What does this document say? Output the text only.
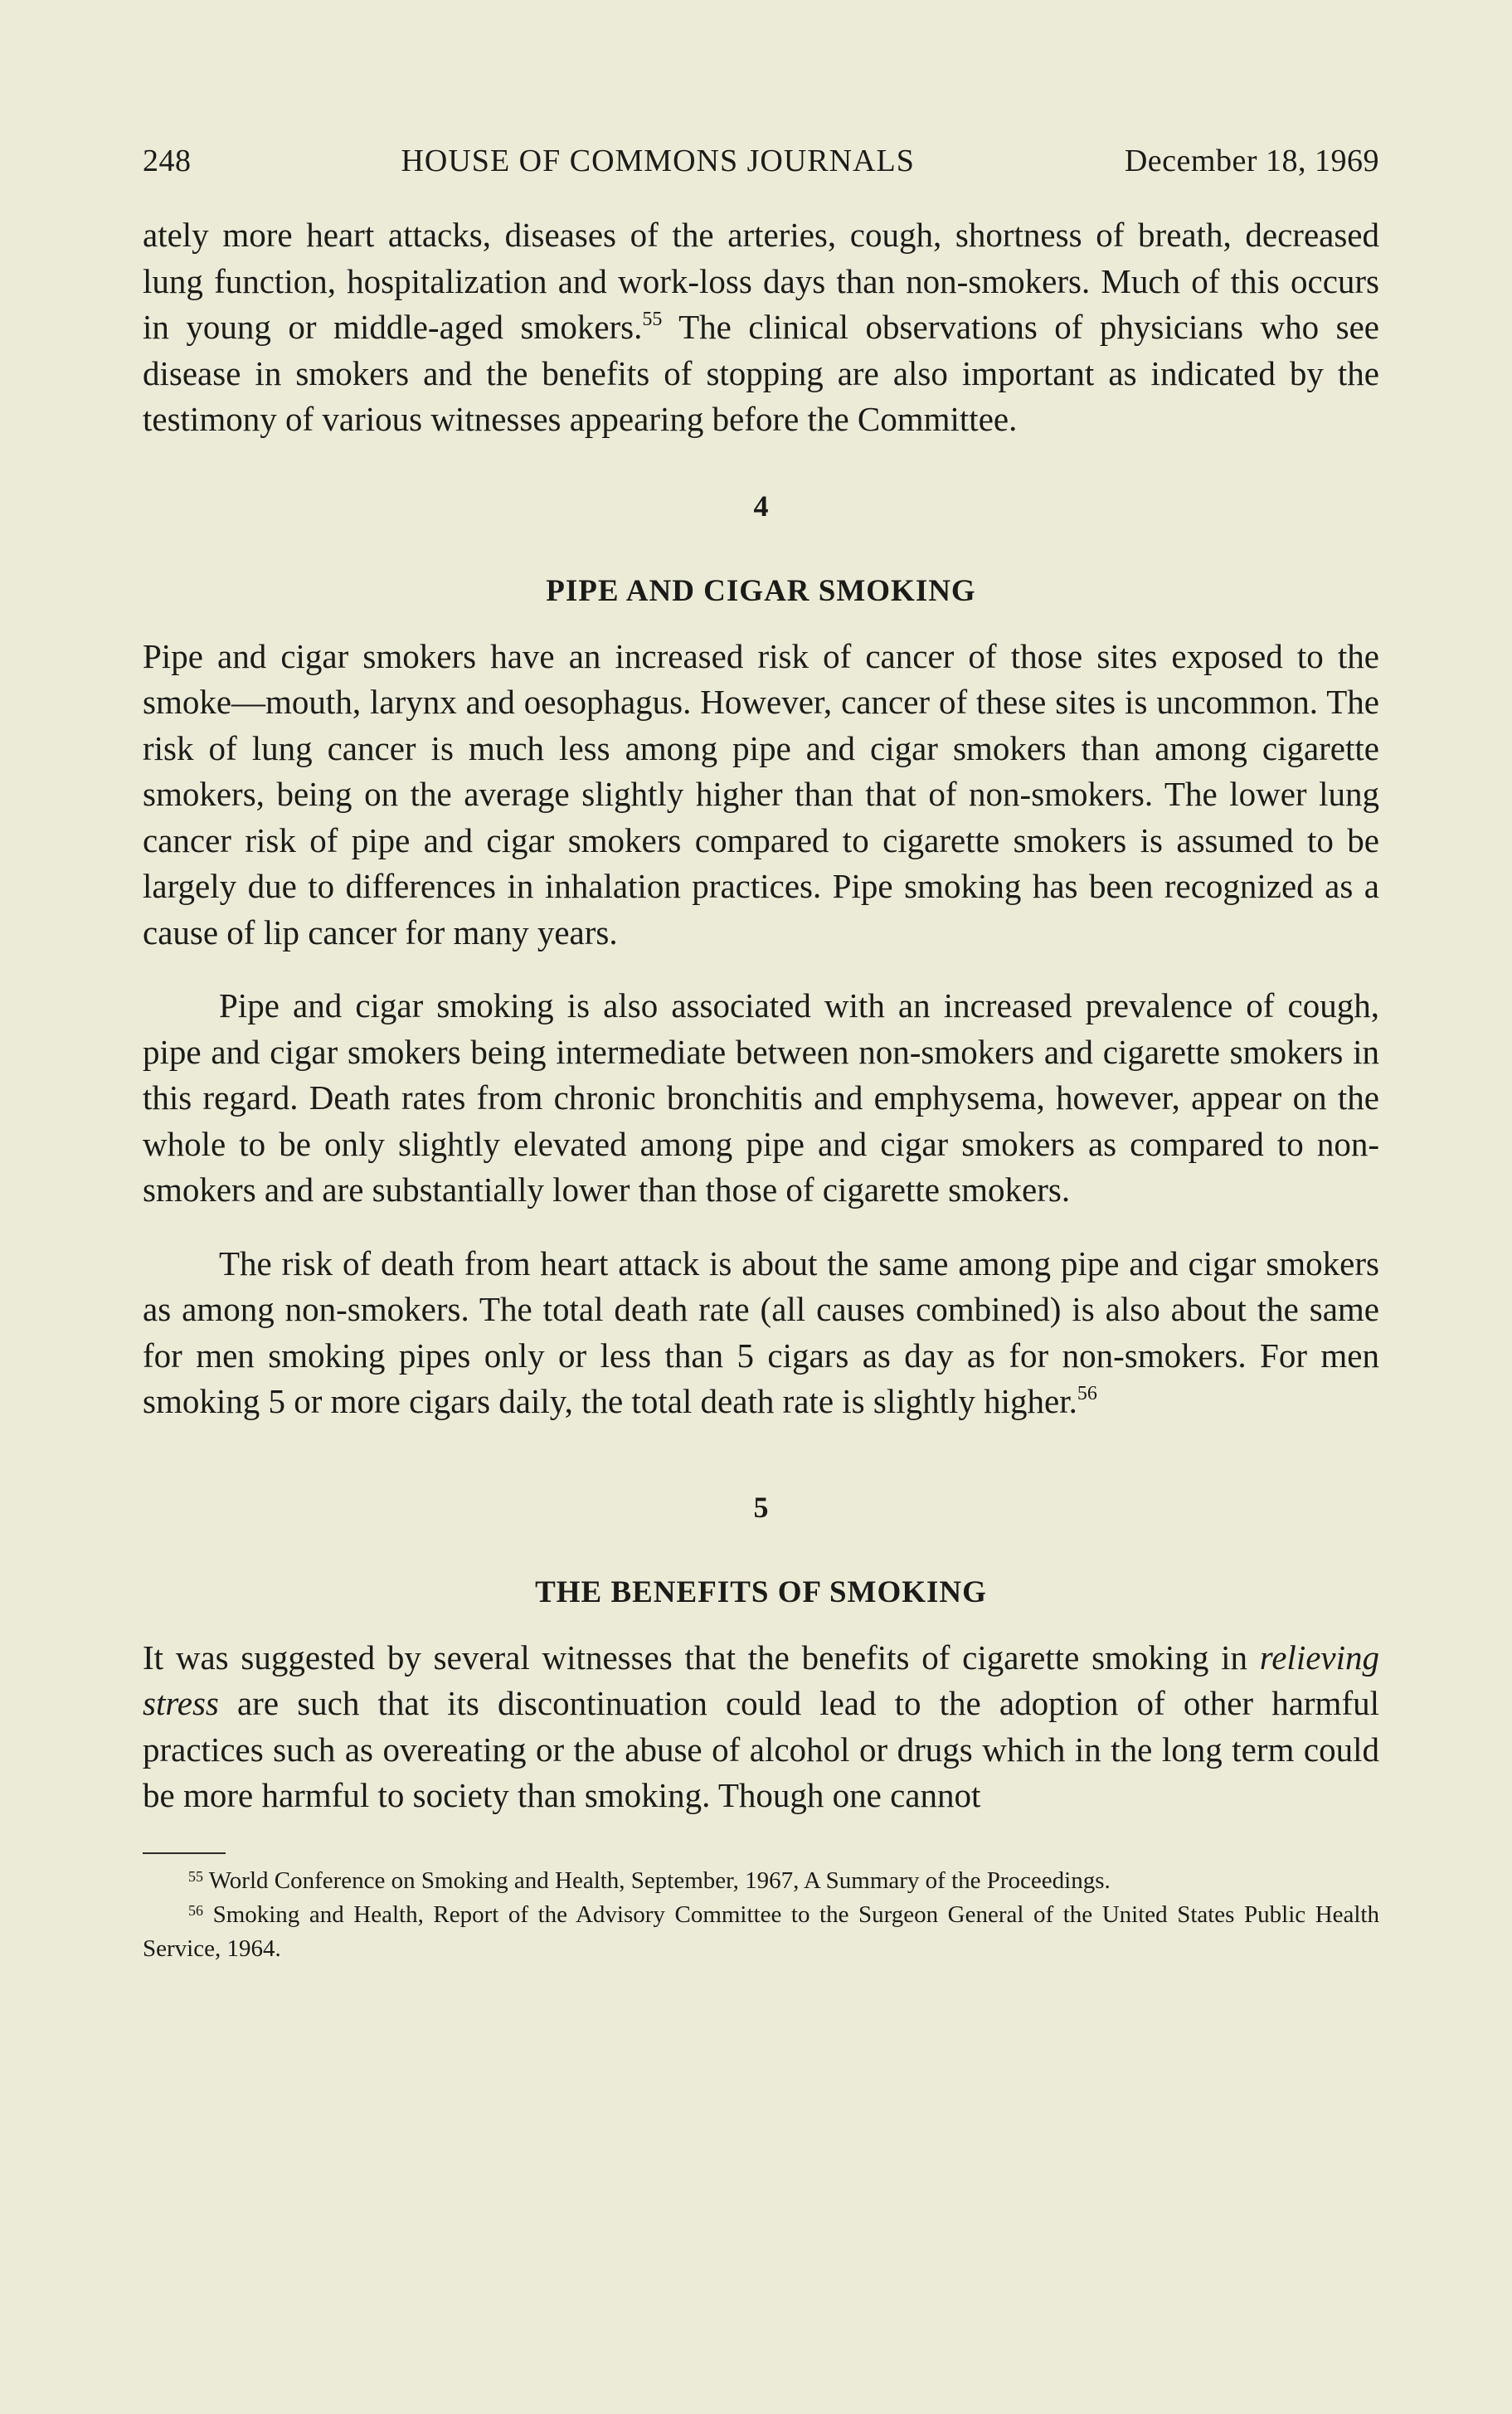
248	HOUSE OF COMMONS JOURNALS	December 18, 1969

ately more heart attacks, diseases of the arteries, cough, shortness of breath, decreased lung function, hospitalization and work-loss days than non-smokers. Much of this occurs in young or middle-aged smokers.$^{55}$ The clinical observations of physicians who see disease in smokers and the benefits of stopping are also important as indicated by the testimony of various witnesses appearing before the Committee.

4
PIPE AND CIGAR SMOKING

Pipe and cigar smokers have an increased risk of cancer of those sites exposed to the smoke—mouth, larynx and oesophagus. However, cancer of these sites is uncommon. The risk of lung cancer is much less among pipe and cigar smokers than among cigarette smokers, being on the average slightly higher than that of non-smokers. The lower lung cancer risk of pipe and cigar smokers compared to cigarette smokers is assumed to be largely due to differences in inhalation practices. Pipe smoking has been recognized as a cause of lip cancer for many years.

Pipe and cigar smoking is also associated with an increased prevalence of cough, pipe and cigar smokers being intermediate between non-smokers and cigarette smokers in this regard. Death rates from chronic bronchitis and emphysema, however, appear on the whole to be only slightly elevated among pipe and cigar smokers as compared to non-smokers and are substantially lower than those of cigarette smokers.

The risk of death from heart attack is about the same among pipe and cigar smokers as among non-smokers. The total death rate (all causes combined) is also about the same for men smoking pipes only or less than 5 cigars as day as for non-smokers. For men smoking 5 or more cigars daily, the total death rate is slightly higher.$^{56}$

5
THE BENEFITS OF SMOKING

It was suggested by several witnesses that the benefits of cigarette smoking in relieving stress are such that its discontinuation could lead to the adoption of other harmful practices such as overeating or the abuse of alcohol or drugs which in the long term could be more harmful to society than smoking. Though one cannot

$^{55}$ World Conference on Smoking and Health, September, 1967, A Summary of the Proceedings.
$^{56}$ Smoking and Health, Report of the Advisory Committee to the Surgeon General of the United States Public Health Service, 1964.
